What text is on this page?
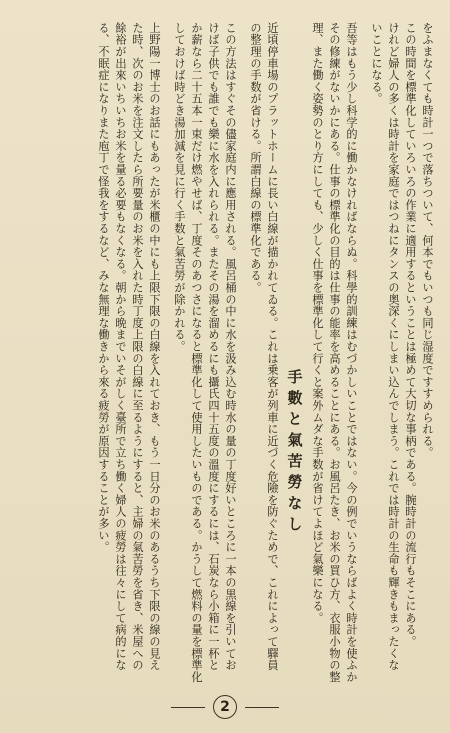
をふまなくても時計一つで落ちついて、何本でもいつも同じ湿度ですすめられる。
この時間を標準化していろいろの作業に適用するということは極めて大切な事柄である。腕時計の流行もそこにある。
けれど婦人の多くは時計を家庭ではつねにタンスの奥深くにしまい込んでしまう。これでは時計の生命も輝きもまったくな
いことになる。
吾等はもう少し科学的に働かなければならぬ。科學的訓練はむづかしいことではない。今の例でいうならばよく時計を使ふか
その修練がないかにある。仕事の標準化の目的は仕事の能率を高めることにある。お風呂たき、お米の買ひ方、衣服小物の整
理、また働く姿勢のとり方にしても、少しく仕事を標準化して行くと案外ムダな手数が省けてよほど氣樂になる。
手數と氣苦勞なし
近頃停車場のプラットホームに長い白線が描かれてゐる。これは乗客が列車に近づく危險を防ぐためで、これによって驛員
の整理の手数が省ける。所謂白線の標準化である。
この方法はすぐその儘家庭内に應用される。風呂桶の中に水を汲み込む時水の量の丁度好いところに一本の黒線を引いてお
けば子供でも誰でも樂に水を入れられる。またその湯を溜めるにも攝氏四十五度の溫度にするには、石炭なら小箱に一杯と
か薪なら二十五本一束だけ燃やせば、丁度そのあつさになると標準化して使用したいものである。かうして燃料の量を標準化
しておけば時どき湯加減を見に行く手数と氣苦勞が除かれる。
上野陽一博士のお話にもあったが米櫃の中にも上限下限の白線を入れておき、もう一日分のお米のあるうち下限の線の見え
た時、次のお米を注文したら所要量のお米を入れた時丁度上限の白線に至るようにすると、主婦の氣苦勞を省き、米屋への
餘裕が出來いちいちお米を量る必要もなくなる。朝から晩までいそがしく臺所で立ち働く婦人の疲勞は往々にして病的にな
る、不眠症になりまた庖丁で怪我をするなど、みな無理な働きから來る疲勞が原因することが多い。
2
